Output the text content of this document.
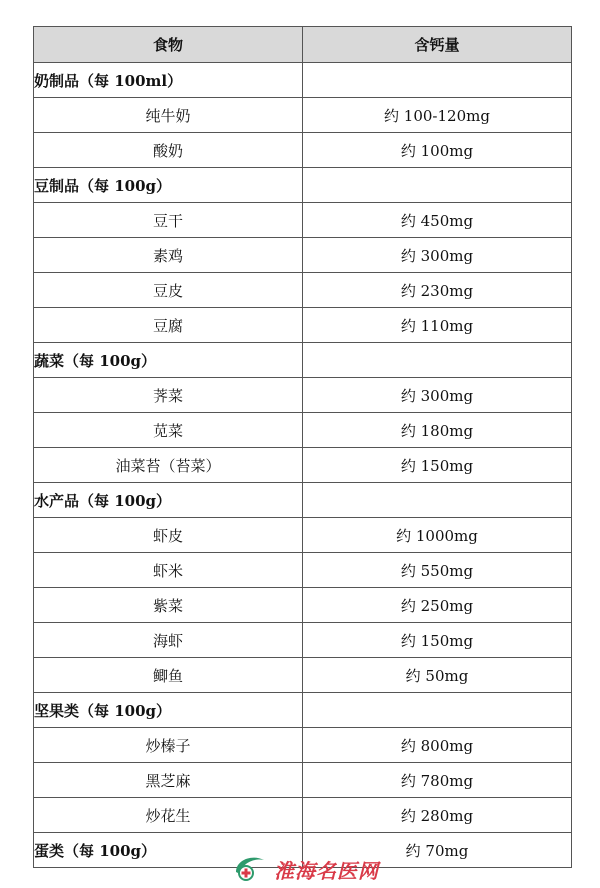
食物	含钙量
奶制品（每 100ml）	
纯牛奶	约 100-120mg
酸奶	约 100mg
豆制品（每 100g）	
豆干	约 450mg
素鸡	约 300mg
豆皮	约 230mg
豆腐	约 110mg
蔬菜（每 100g）	
荠菜	约 300mg
苋菜	约 180mg
油菜苔（苔菜）	约 150mg
水产品（每 100g）	
虾皮	约 1000mg
虾米	约 550mg
紫菜	约 250mg
海虾	约 150mg
鲫鱼	约 50mg
坚果类（每 100g）	
炒榛子	约 800mg
黑芝麻	约 780mg
炒花生	约 280mg
蛋类（每 100g）	约 70mg
淮海名医网
